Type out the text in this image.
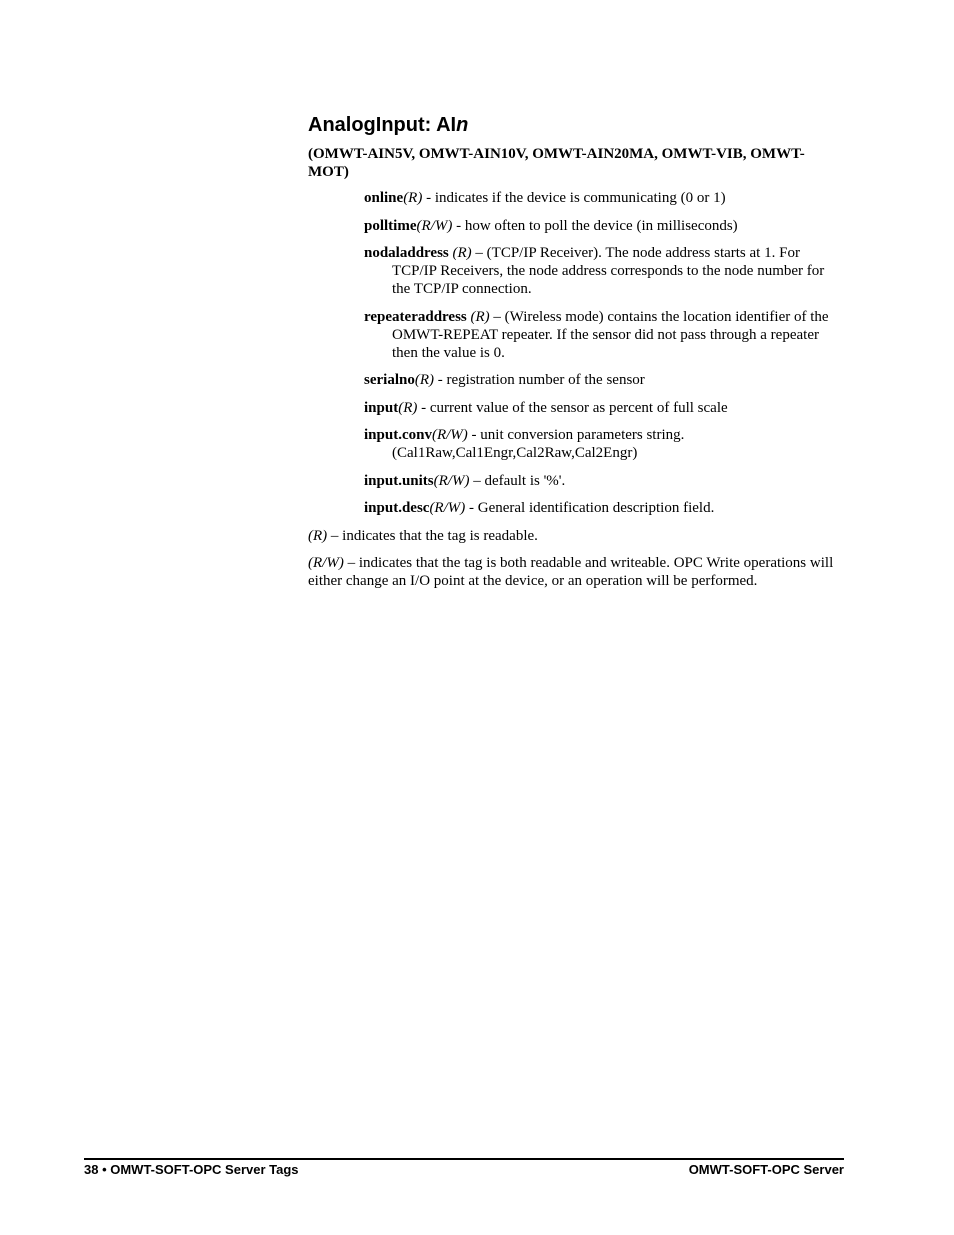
AnalogInput: AIn
(OMWT-AIN5V, OMWT-AIN10V, OMWT-AIN20MA, OMWT-VIB, OMWT-MOT)
online(R) - indicates if the device is communicating (0 or 1)
polltime(R/W) - how often to poll the device (in milliseconds)
nodaladdress (R) – (TCP/IP Receiver). The node address starts at 1. For TCP/IP Receivers, the node address corresponds to the node number for the TCP/IP connection.
repeateraddress (R) – (Wireless mode) contains the location identifier of the OMWT-REPEAT repeater. If the sensor did not pass through a repeater then the value is 0.
serialno(R) - registration number of the sensor
input(R) - current value of the sensor as percent of full scale
input.conv(R/W) - unit conversion parameters string. (Cal1Raw,Cal1Engr,Cal2Raw,Cal2Engr)
input.units(R/W) – default is '%'.
input.desc(R/W) - General identification description field.

(R) – indicates that the tag is readable.

(R/W) – indicates that the tag is both readable and writeable. OPC Write operations will either change an I/O point at the device, or an operation will be performed.

38 • OMWT-SOFT-OPC Server Tags	OMWT-SOFT-OPC Server
